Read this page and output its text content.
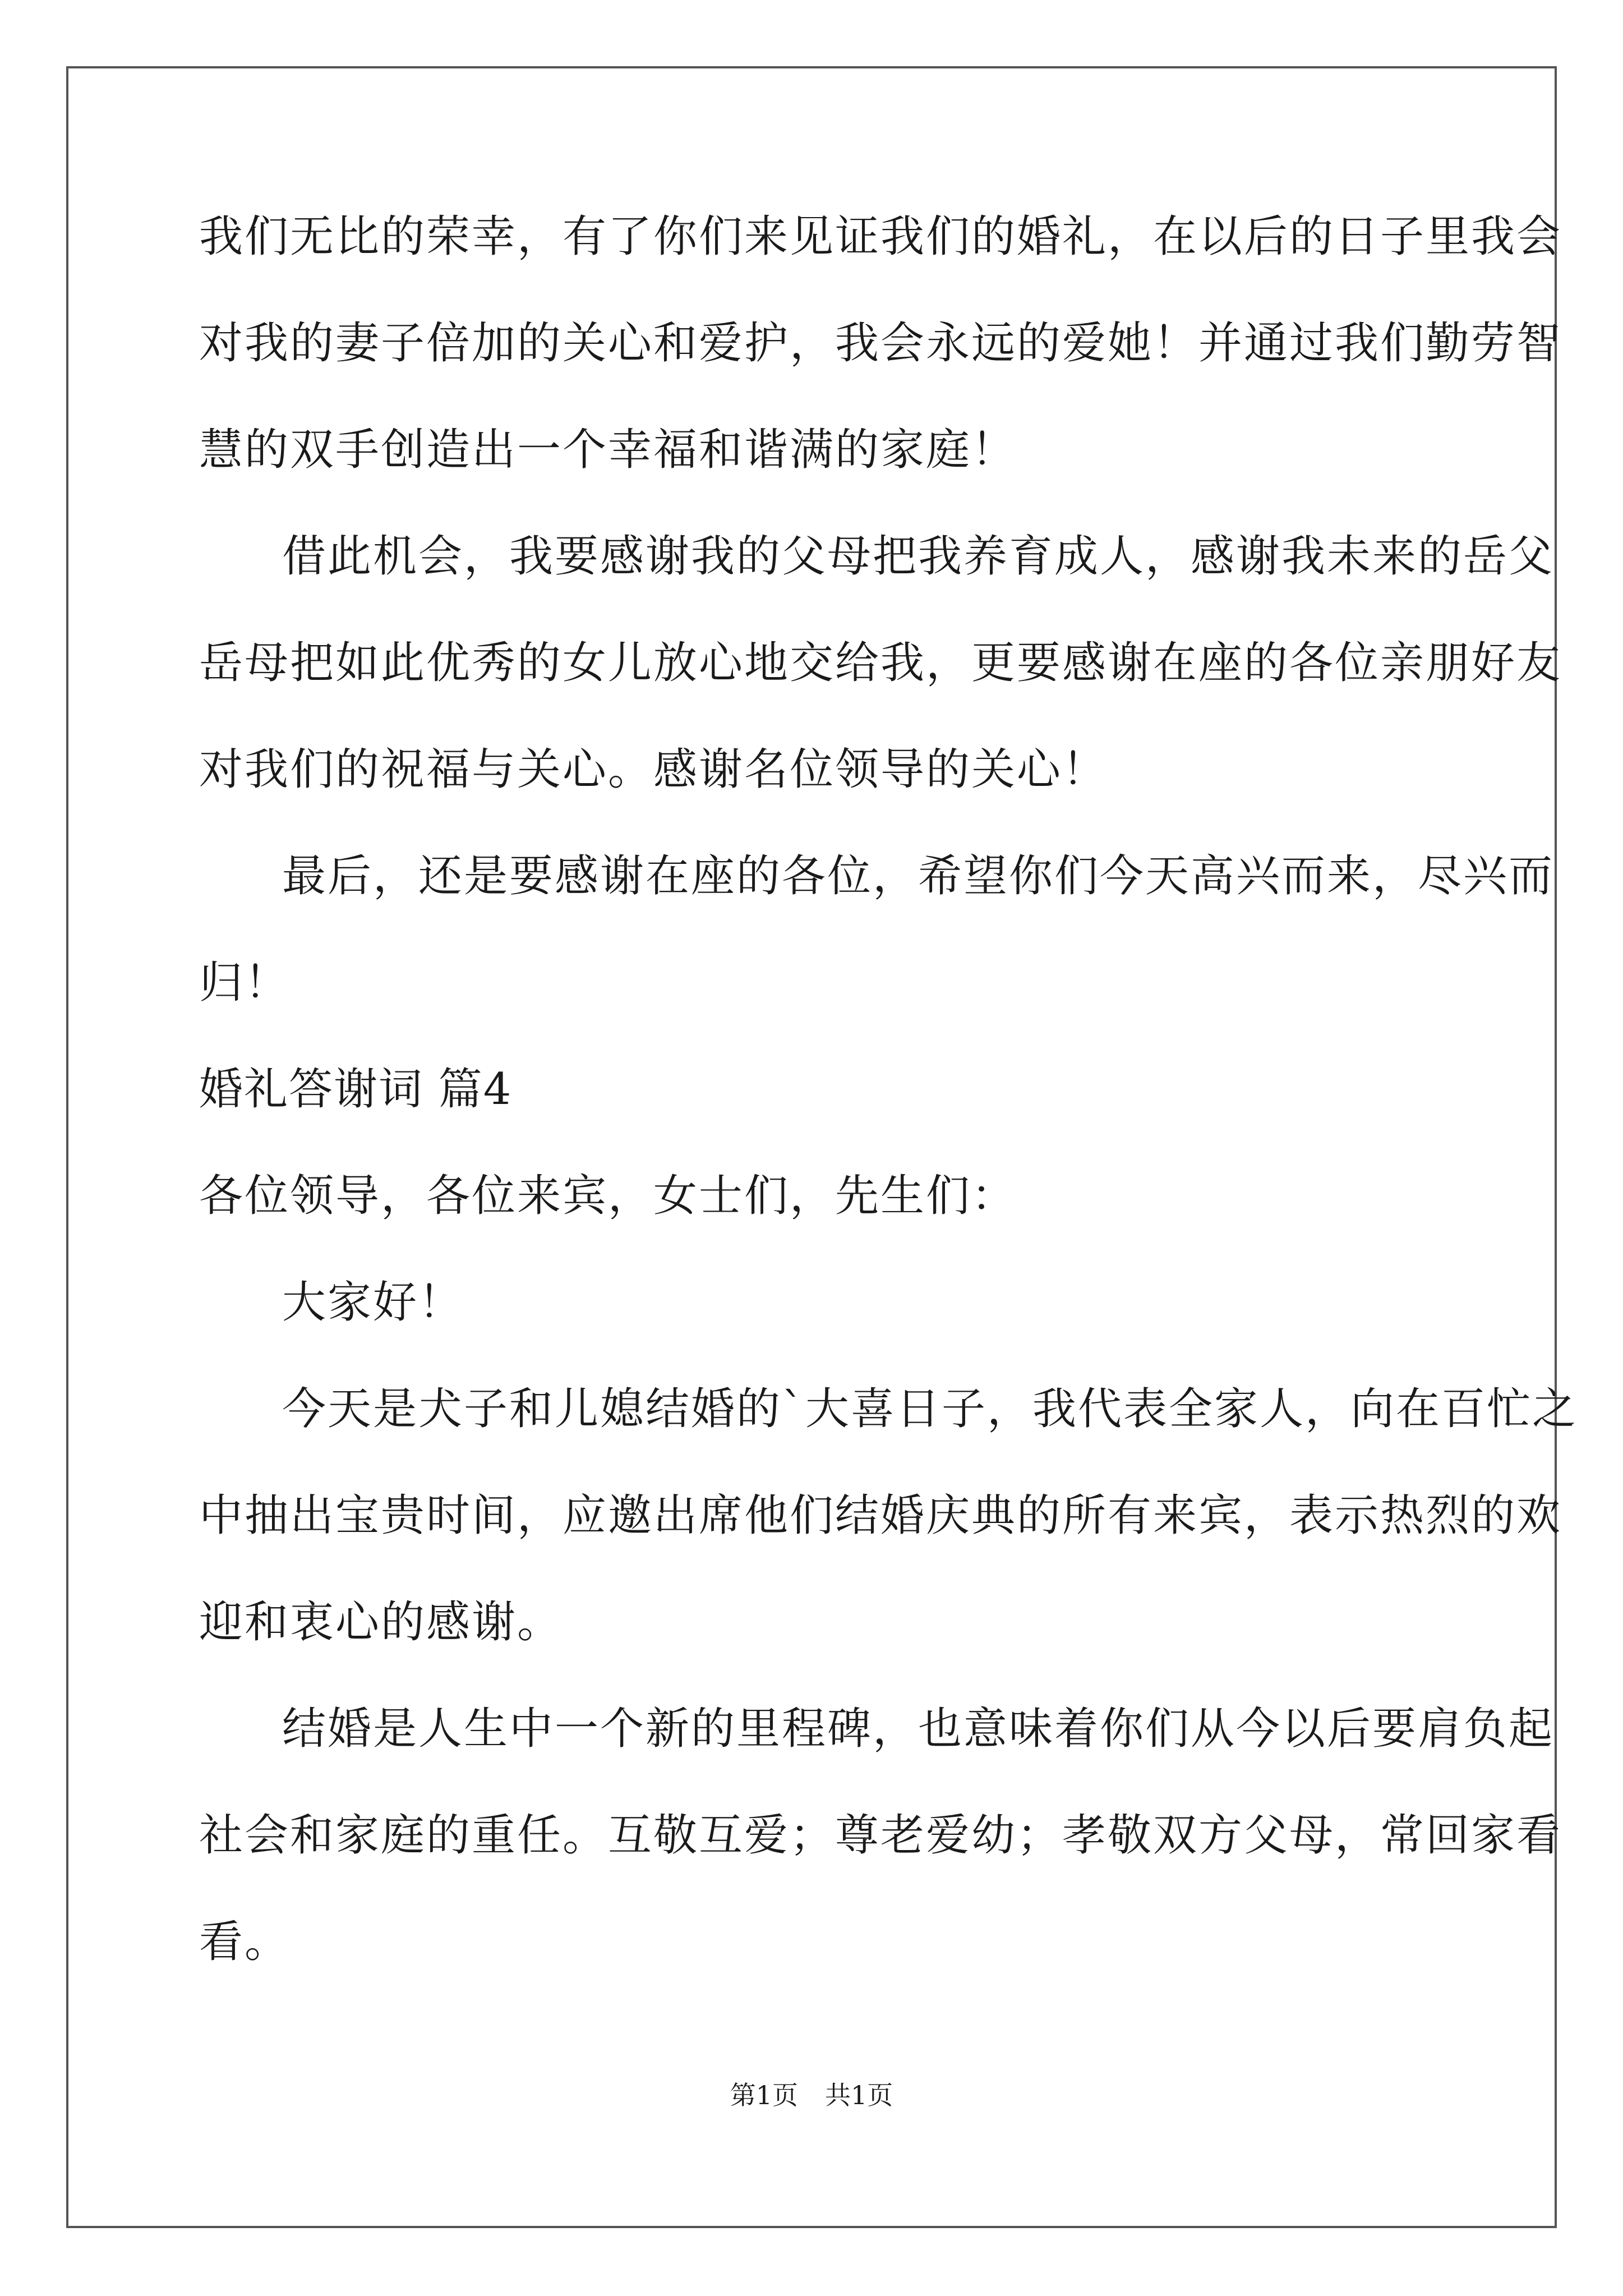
我们无比的荣幸，有了你们来见证我们的婚礼，在以后的日子里我会
对我的妻子倍加的关心和爱护，我会永远的爱她！并通过我们勤劳智
慧的双手创造出一个幸福和谐满的家庭！
借此机会，我要感谢我的父母把我养育成人，感谢我未来的岳父
岳母把如此优秀的女儿放心地交给我，更要感谢在座的各位亲朋好友
对我们的祝福与关心。感谢名位领导的关心！
最后，还是要感谢在座的各位，希望你们今天高兴而来，尽兴而
归！
婚礼答谢词 篇4
各位领导，各位来宾，女士们，先生们：
大家好！
今天是犬子和儿媳结婚的`大喜日子，我代表全家人，向在百忙之
中抽出宝贵时间，应邀出席他们结婚庆典的所有来宾，表示热烈的欢
迎和衷心的感谢。
结婚是人生中一个新的里程碑，也意味着你们从今以后要肩负起
社会和家庭的重任。互敬互爱；尊老爱幼；孝敬双方父母，常回家看
看。
第1页 共1页
